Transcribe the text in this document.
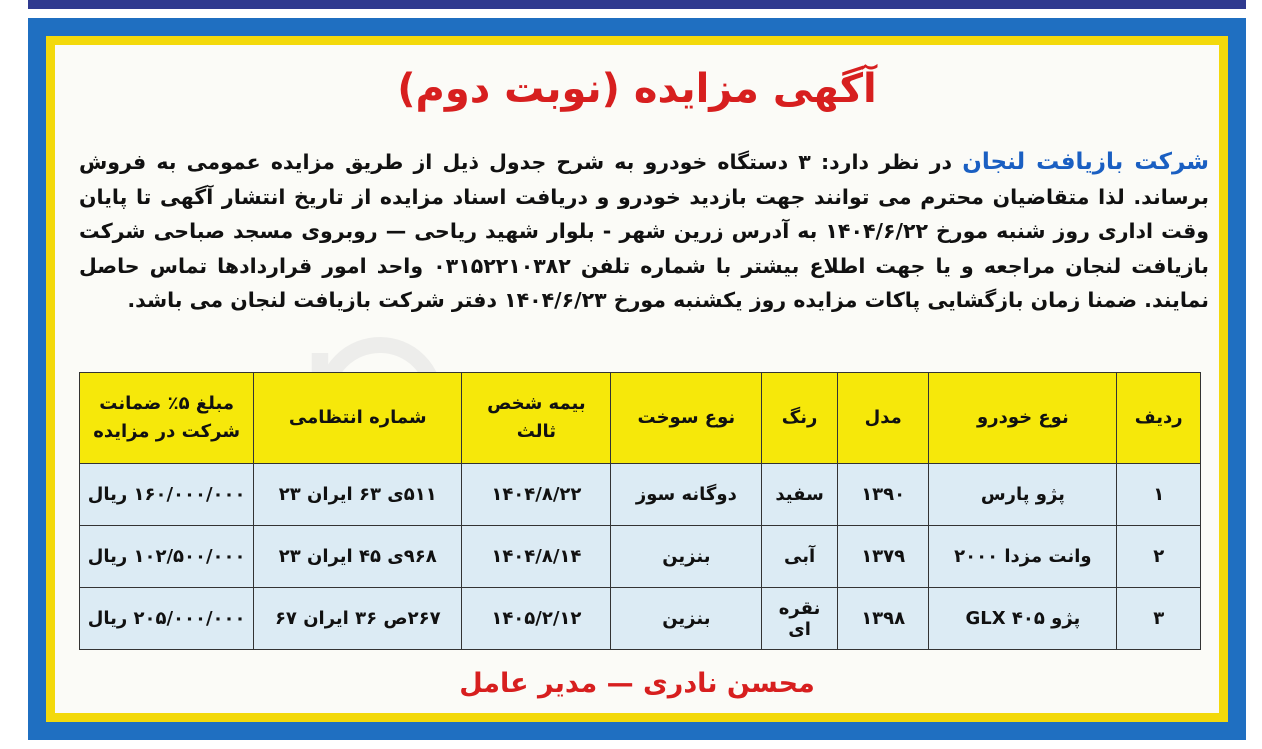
آگهی مزایده (نوبت دوم)
شرکت بازیافت لنجان در نظر دارد: ۳ دستگاه خودرو به شرح جدول ذیل از طریق مزایده عمومی به فروش برساند. لذا متقاضیان محترم می توانند جهت بازدید خودرو و دریافت اسناد مزایده از تاریخ انتشار آگهی تا پایان وقت اداری روز شنبه مورخ ۱۴۰۴/۶/۲۲ به آدرس زرین شهر - بلوار شهید ریاحی — روبروی مسجد صباحی شرکت بازیافت لنجان مراجعه و یا جهت اطلاع بیشتر با شماره تلفن ۰۳۱۵۲۲۱۰۳۸۲ واحد امور قراردادها تماس حاصل نمایند. ضمنا زمان بازگشایی پاکات مزایده روز یکشنبه مورخ ۱۴۰۴/۶/۲۳ دفتر شرکت بازیافت لنجان می باشد.
ردیف	نوع خودرو	مدل	رنگ	نوع سوخت	بیمه شخص ثالث	شماره انتظامی	مبلغ ۵٪ ضمانت شرکت در مزایده
۱	پژو پارس	۱۳۹۰	سفید	دوگانه سوز	۱۴۰۴/۸/۲۲	۵۱۱ی ۶۳ ایران ۲۳	۱۶۰/۰۰۰/۰۰۰ ریال
۲	وانت مزدا ۲۰۰۰	۱۳۷۹	آبی	بنزین	۱۴۰۴/۸/۱۴	۹۶۸ی ۴۵ ایران ۲۳	۱۰۲/۵۰۰/۰۰۰ ریال
۳	پژو ۴۰۵ GLX	۱۳۹۸	نقره ای	بنزین	۱۴۰۵/۲/۱۲	۲۶۷ص ۳۶ ایران ۶۷	۲۰۵/۰۰۰/۰۰۰ ریال
محسن نادری — مدیر عامل
